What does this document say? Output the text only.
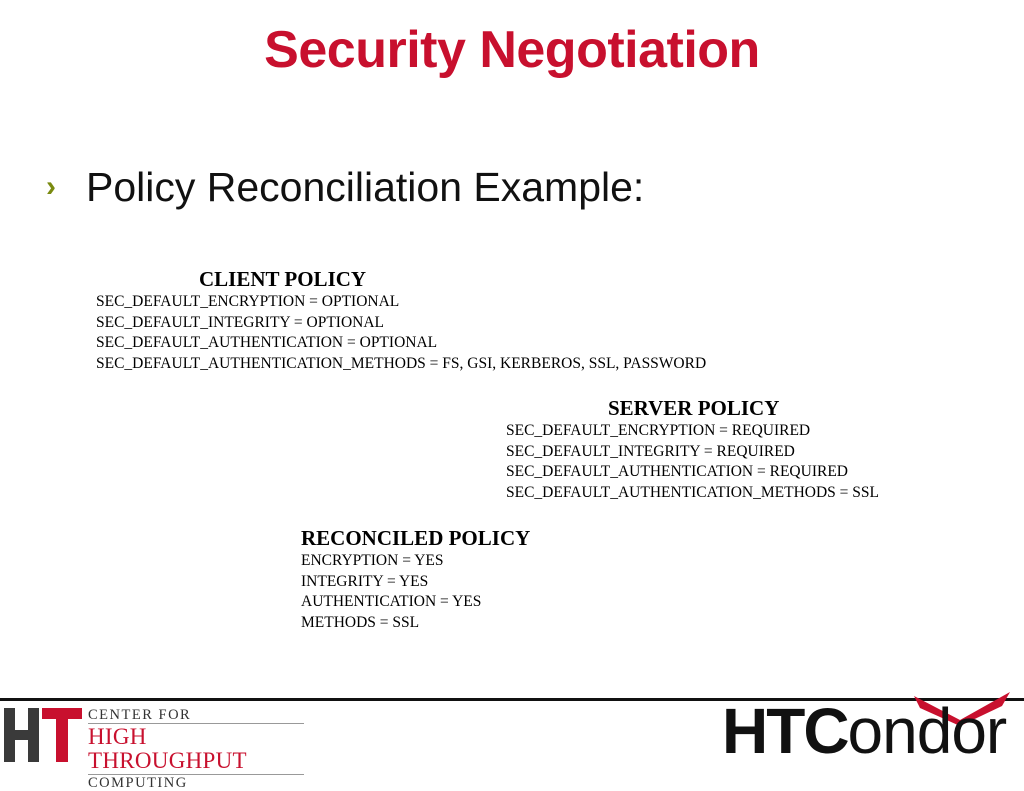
Security Negotiation
› Policy Reconciliation Example:
CLIENT POLICY
SEC_DEFAULT_ENCRYPTION = OPTIONAL
SEC_DEFAULT_INTEGRITY = OPTIONAL
SEC_DEFAULT_AUTHENTICATION = OPTIONAL
SEC_DEFAULT_AUTHENTICATION_METHODS = FS, GSI, KERBEROS, SSL, PASSWORD
SERVER POLICY
SEC_DEFAULT_ENCRYPTION = REQUIRED
SEC_DEFAULT_INTEGRITY = REQUIRED
SEC_DEFAULT_AUTHENTICATION = REQUIRED
SEC_DEFAULT_AUTHENTICATION_METHODS = SSL
RECONCILED POLICY
ENCRYPTION = YES
INTEGRITY = YES
AUTHENTICATION = YES
METHODS = SSL
CENTER FOR
HIGH THROUGHPUT
COMPUTING
HTCondor
